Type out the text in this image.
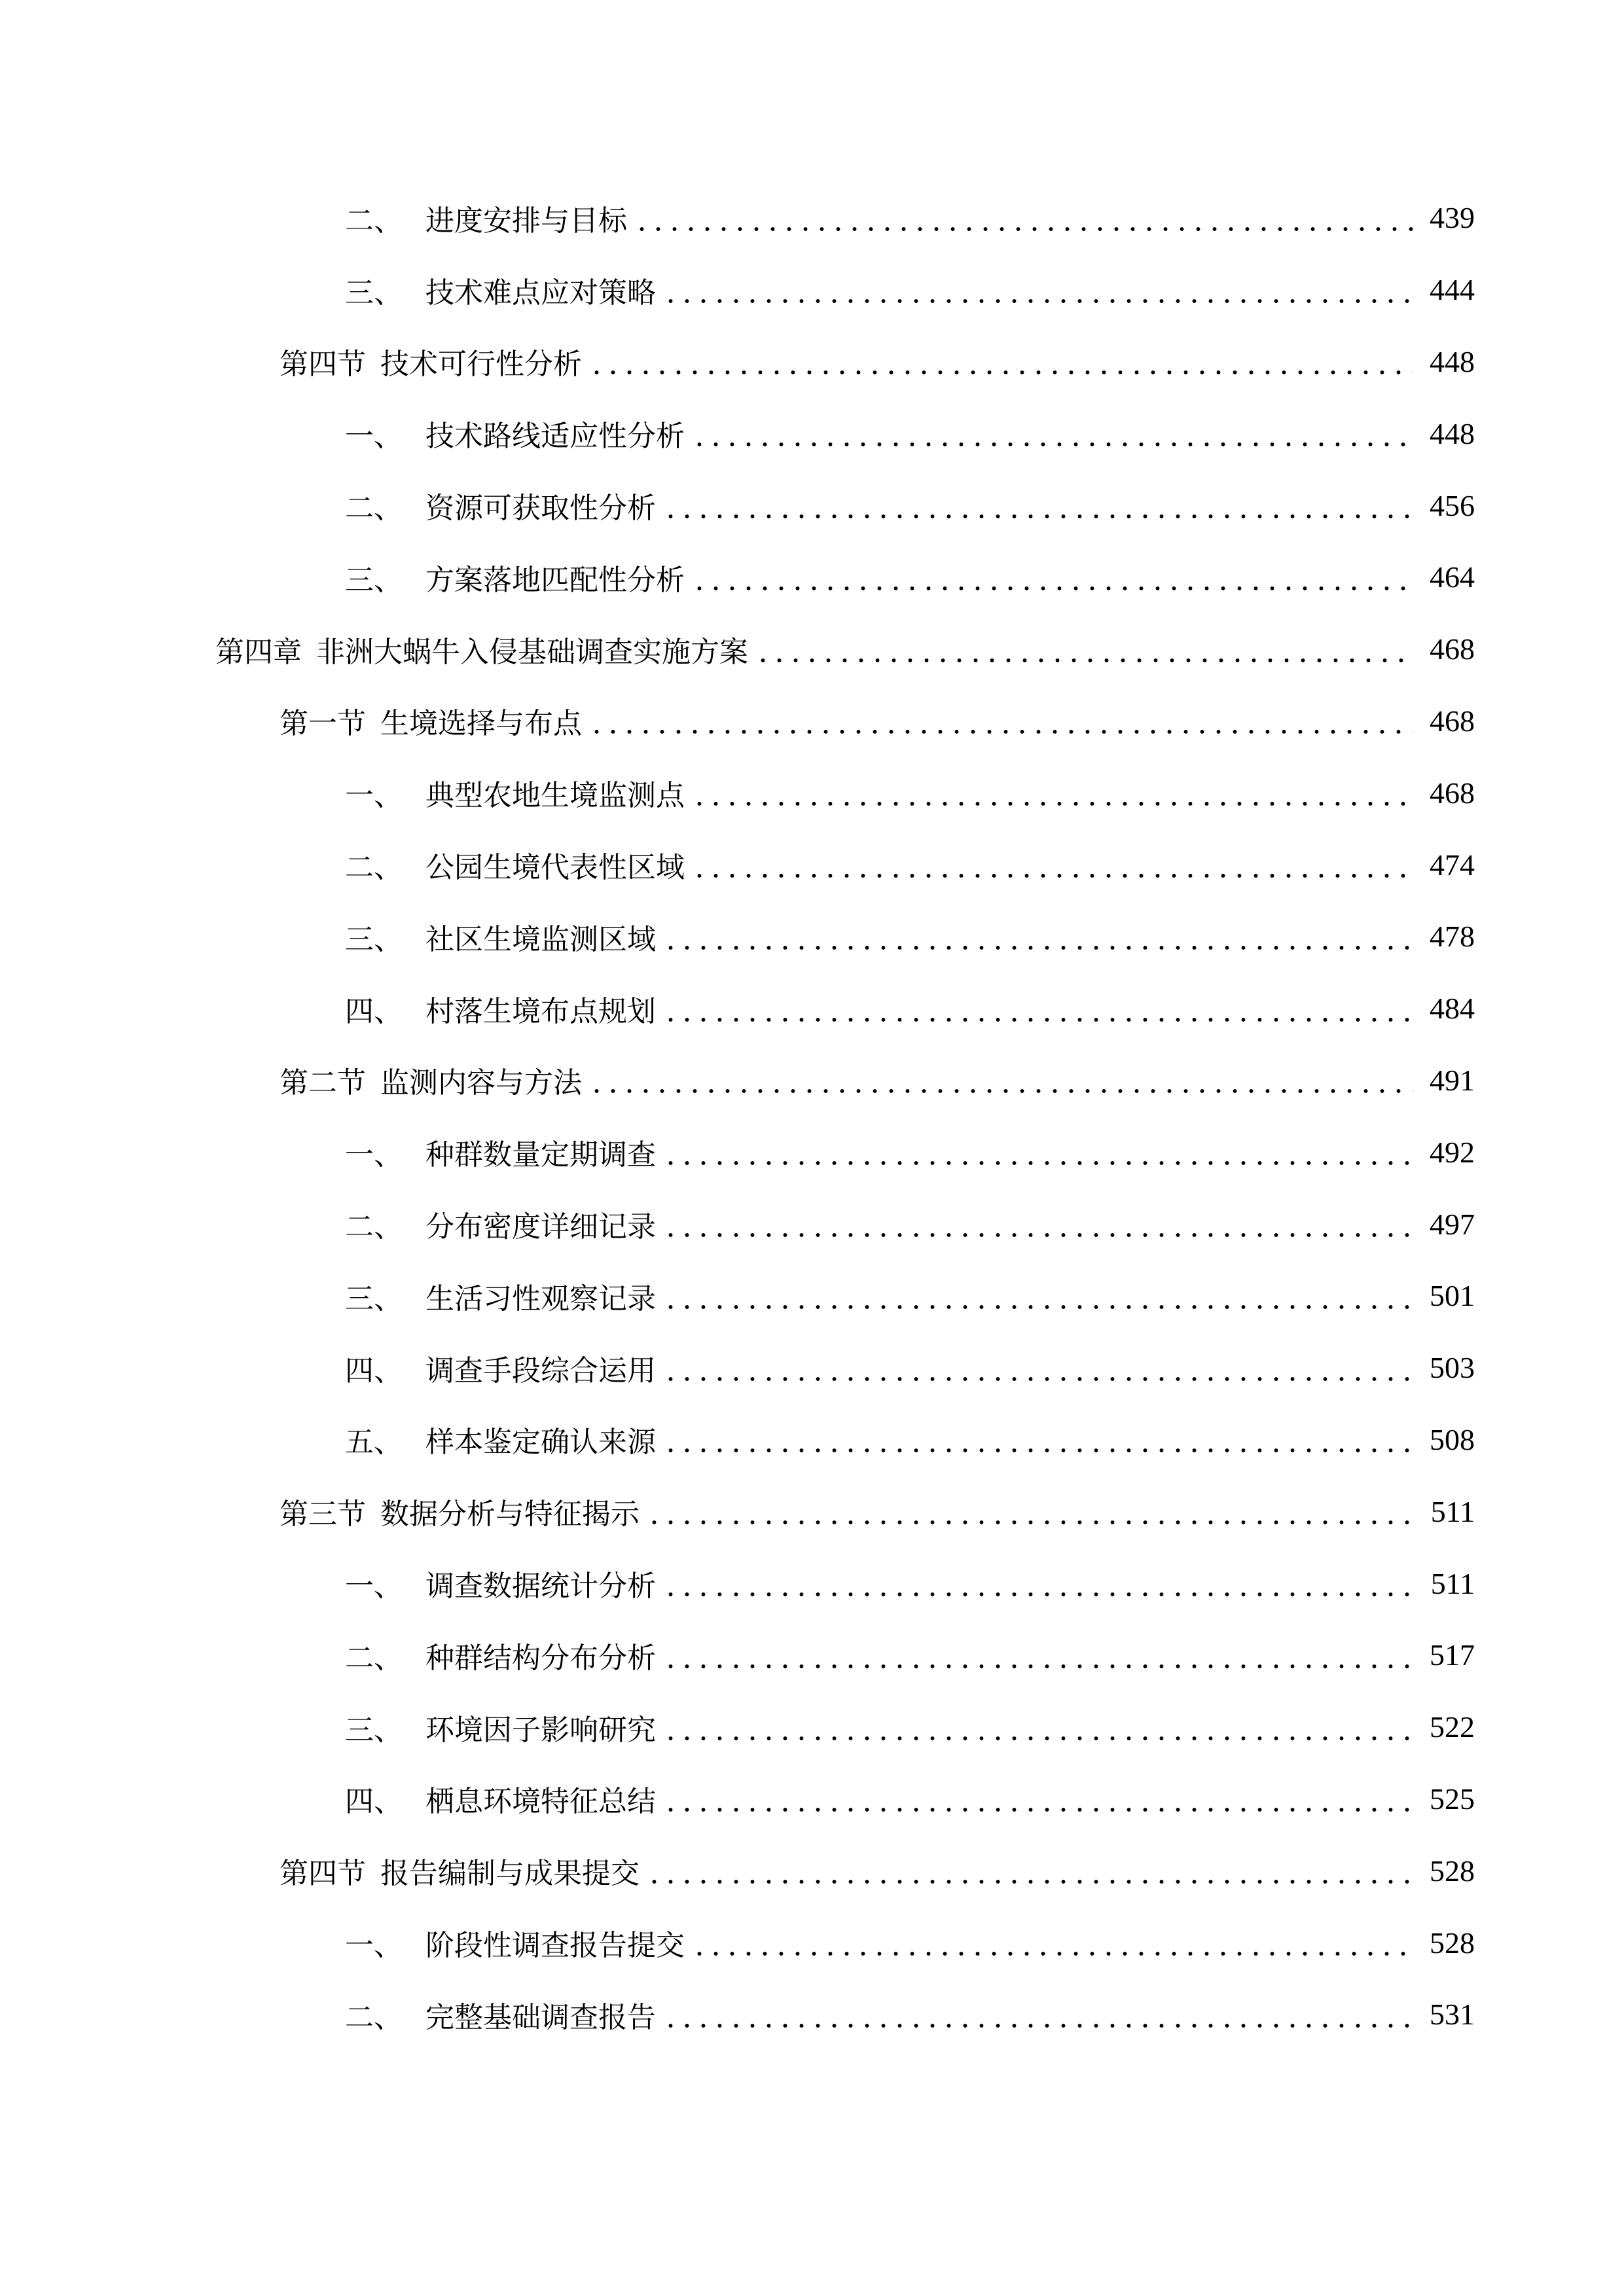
二、 进度安排与目标	439
三、 技术难点应对策略	444
第四节 技术可行性分析	448
一、 技术路线适应性分析	448
二、 资源可获取性分析	456
三、 方案落地匹配性分析	464
第四章 非洲大蜗牛入侵基础调查实施方案	468
第一节 生境选择与布点	468
一、 典型农地生境监测点	468
二、 公园生境代表性区域	474
三、 社区生境监测区域	478
四、 村落生境布点规划	484
第二节 监测内容与方法	491
一、 种群数量定期调查	492
二、 分布密度详细记录	497
三、 生活习性观察记录	501
四、 调查手段综合运用	503
五、 样本鉴定确认来源	508
第三节 数据分析与特征揭示	511
一、 调查数据统计分析	511
二、 种群结构分布分析	517
三、 环境因子影响研究	522
四、 栖息环境特征总结	525
第四节 报告编制与成果提交	528
一、 阶段性调查报告提交	528
二、 完整基础调查报告	531
